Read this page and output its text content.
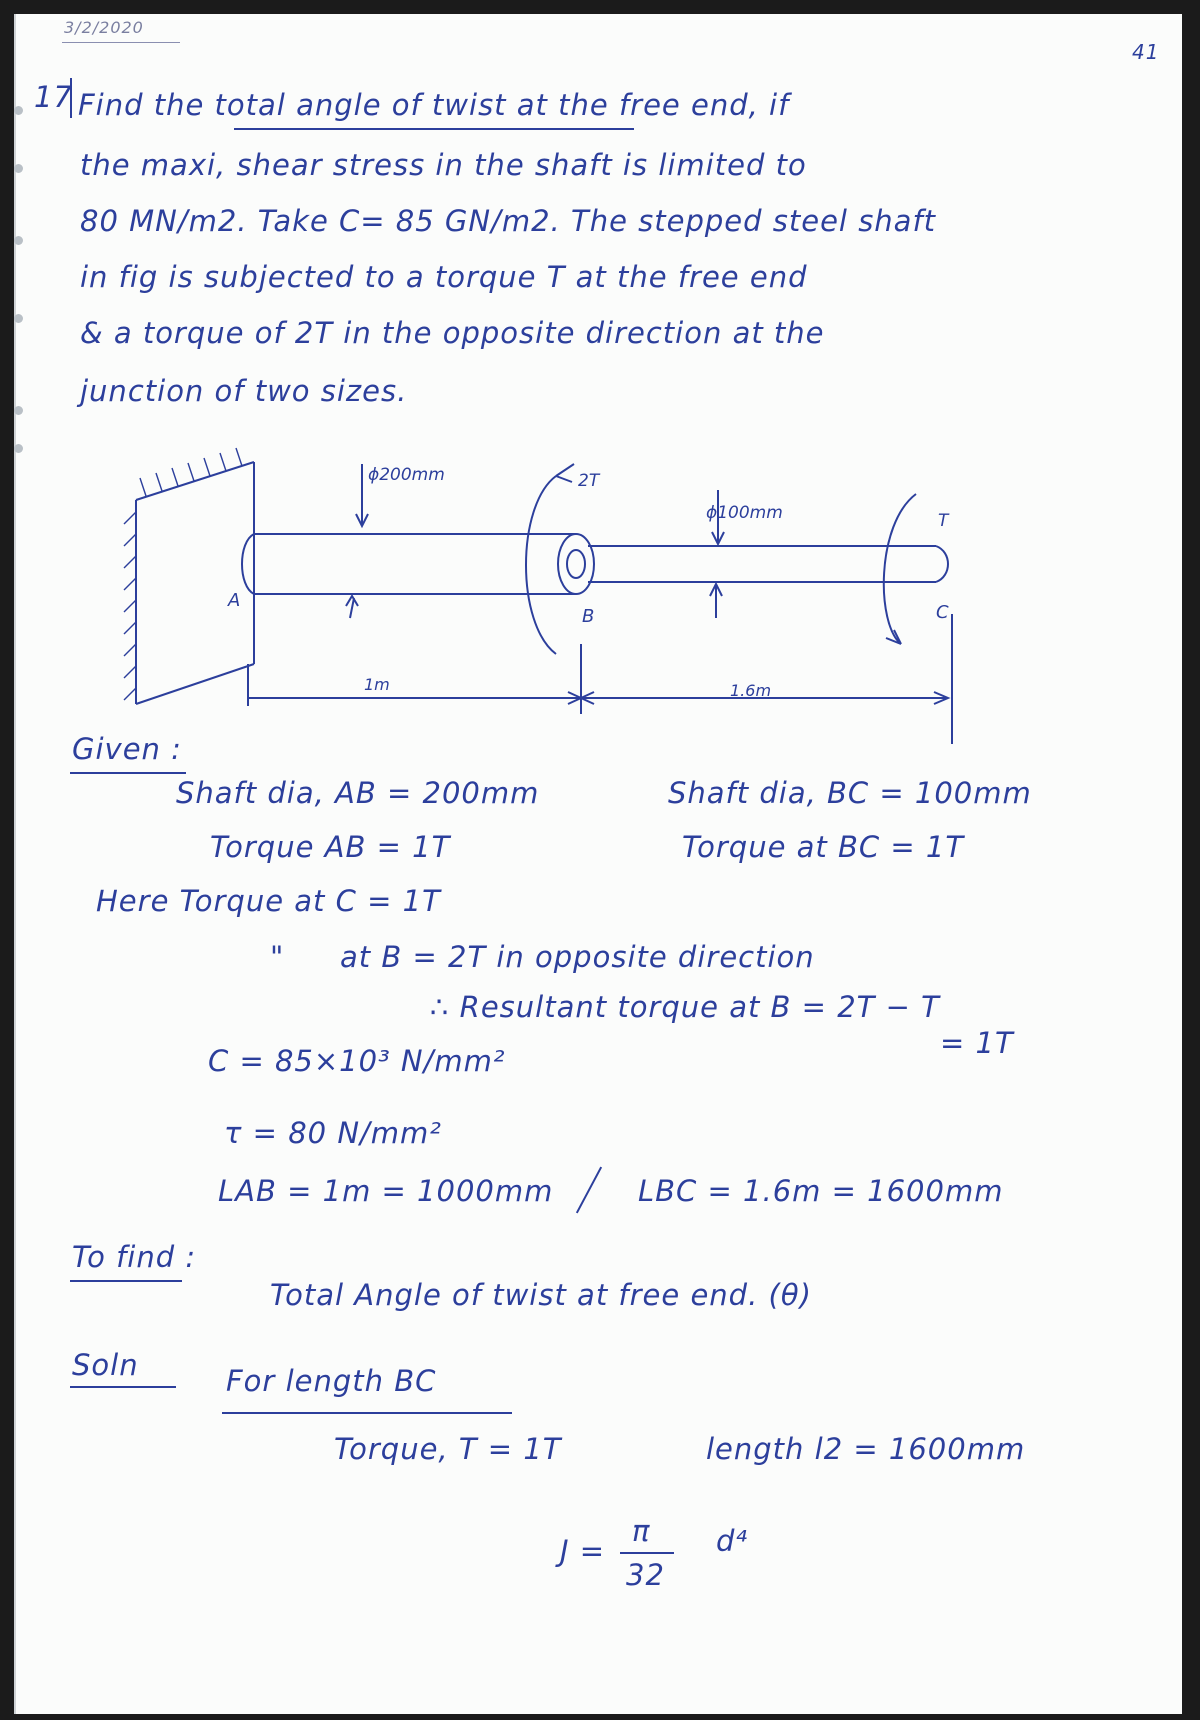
3/2/2020
41
17 Find the total angle of twist at the free end, if
the maxi, shear stress in the shaft is limited to
80 MN/m2. Take C= 85 GN/m2. The stepped steel shaft
in fig is subjected to a torque T at the free end
& a torque of 2T in the opposite direction at the
junction of two sizes.
ϕ200mm	2T
ϕ100mm	T
A
B	C
1m	1.6m
Given :
Shaft dia, AB = 200mm	Shaft dia, BC = 100mm
Torque AB = 1T	Torque at BC = 1T
Here Torque at C = 1T
" at B = 2T in opposite direction
∴ Resultant torque at B = 2T − T
= 1T
C = 85×10³ N/mm²
τ = 80 N/mm²
LAB = 1m = 1000mm	LBC = 1.6m = 1600mm
To find :
Total Angle of twist at free end. (θ)
Soln	For length BC
Torque, T = 1T	length l2 = 1600mm
J =
π
32
d⁴
